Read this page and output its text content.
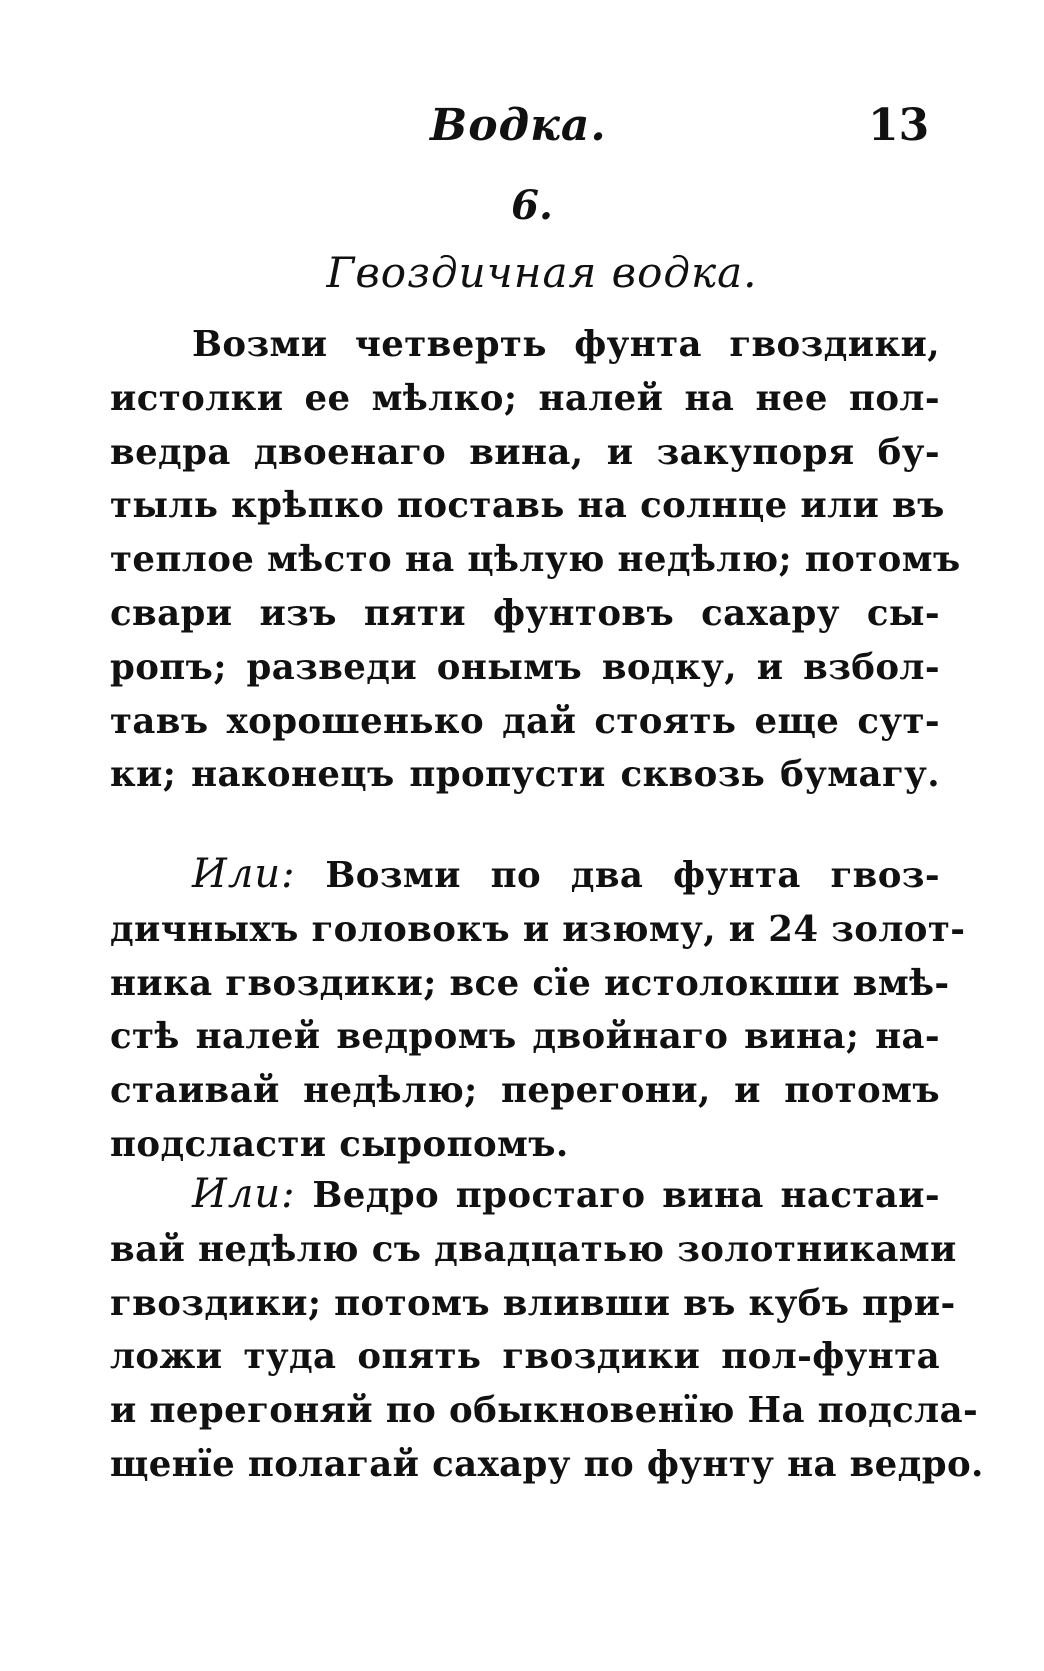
Водка.	13
6.
Гвоздичная водка.
Возми четверть фунта гвоздики,
истолки ее мѣлко; налей на нее пол-
ведра двоенаго вина, и закупоря бу-
тыль крѣпко поставь на солнце или въ
теплое мѣсто на цѣлую недѣлю; потомъ
свари изъ пяти фунтовъ сахару сы-
ропъ; разведи онымъ водку, и взбол-
тавъ хорошенько дай стоять еще сут-
ки; наконецъ пропусти сквозь бумагу.
Или: Возми по два фунта гвоз-
дичныхъ головокъ и изюму, и 24 золот-
ника гвоздики; все сïе истолокши вмѣ-
стѣ налей ведромъ двойнаго вина; на-
стаивай недѣлю; перегони, и потомъ
подсласти сыропомъ.
Или: Ведро простаго вина настаи-
вай недѣлю съ двадцатью золотниками
гвоздики; потомъ вливши въ кубъ при-
ложи туда опять гвоздики пол-фунта
и перегоняй по обыкновенïю На подсла-
щенïе полагай сахару по фунту на ведро.
